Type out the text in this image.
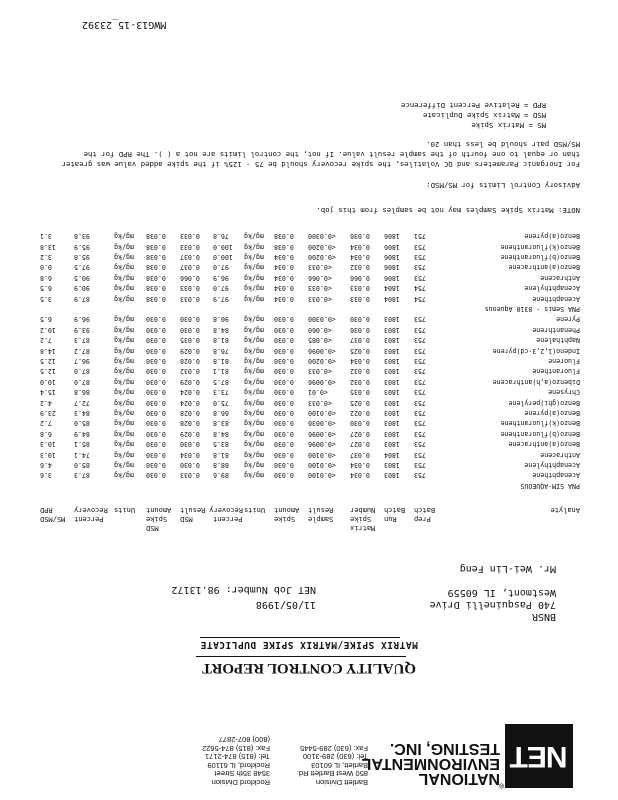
NET
®
NATIONAL
ENVIRONMENTAL
TESTING, INC.
Bartlett Division
850 West Bartlett Rd.
Bartlett, IL 60103
Tel: (630) 289-3100
Fax: (630) 289-5445
Rockford Division
3548 35th Street
Rockford, IL 61109
Tel: (815) 874-2171
Fax: (815) 874-5622
(800) 807-2877
QUALITY CONTROL REPORT
MATRIX SPIKE/MATRIX SPIKE DUPLICATE
BNSR
740 Pasquinelli Drive
Westmont, IL 60559
Mr. Wei-Lin Feng
11/05/1998
NET Job Number: 98.13172
Analyte
Prep
Batch
Run
Batch
Matrix
Spike
Number
Sample
Result
Spike
Amount
Units
Percent
Recovery
MSD
Result
MSD
Spike
Amount
Units
Percent
Recovery
MS/MSD
RPD
PNA SIM-AQUEOUS
Acenaphthene
753
1803
0.034
<0.0100
0.030
mg/kg
89.6
0.033
0.030
mg/kg
87.3
3.6
Acenaphthylene
753
1803
0.034
<0.0100
0.030
mg/kg
88.8
0.030
0.030
mg/kg
85.0
4.6
Anthracene
753
1804
0.037
<0.0100
0.030
mg/kg
81.8
0.034
0.030
mg/kg
74.1
10.3
Benzo(a)anthracene
753
1803
0.027
<0.0096
0.030
mg/kg
83.5
0.030
0.030
mg/kg
85.1
10.3
Benzo(b)fluoranthene
753
1803
0.027
<0.0096
0.030
mg/kg
84.8
0.029
0.030
mg/kg
84.9
6.8
Benzo(k)fluoranthene
753
1803
0.030
<0.0036
0.030
mg/kg
83.8
0.028
0.030
mg/kg
85.0
7.2
Benzo(a)pyrene
753
1803
0.022
<0.0100
0.030
mg/kg
66.8
0.028
0.030
mg/kg
84.3
23.9
Benzo(ghi)perylene
753
1803
0.025
<0.033
0.030
mg/kg
75.0
0.024
0.030
mg/kg
72.7
4.2
Chrysene
753
1803
0.035
<0.01
0.030
mg/kg
73.3
0.024
0.030
mg/kg
86.8
15.4
Dibenzo(a,h)anthracene
753
1803
0.032
<0.0096
0.030
mg/kg
87.5
0.029
0.030
mg/kg
87.0
10.0
Fluoranthene
753
1803
0.032
<0.033
0.030
mg/kg
81.1
0.032
0.030
mg/kg
87.0
12.5
Fluorene
753
1803
0.034
<0.0200
0.030
mg/kg
81.8
0.028
0.030
mg/kg
96.7
12.5
Indeno(1,2,3-cd)pyrene
753
1803
0.025
<0.0096
0.030
mg/kg
76.8
0.029
0.030
mg/kg
87.2
14.8
Naphthalene
753
1803
0.037
<0.085
0.030
mg/kg
81.8
0.035
0.030
mg/kg
87.3
7.2
Phenanthrene
753
1803
0.036
<0.060
0.030
mg/kg
84.8
0.030
0.030
mg/kg
93.9
10.2
Pyrene
753
1803
0.030
<0.0300
0.030
mg/kg
90.8
0.030
0.030
mg/kg
96.9
6.5
PNA Semis - 8310 Aqueous
Acenaphthene
754
1804
0.033
<0.033
0.034
mg/kg
97.9
0.033
0.038
mg/kg
87.9
3.5
Acenaphthylene
754
1804
0.033
<0.033
0.034
mg/kg
97.0
0.033
0.038
mg/kg
90.9
6.5
Anthracene
753
1806
0.066
<0.066
0.034
mg/kg
96.9
0.066
0.038
mg/kg
90.5
6.8
Benzo(a)anthracene
753
1806
0.032
<0.033
0.034
mg/kg
97.0
0.037
0.038
mg/kg
97.5
0.0
Benzo(b)fluoranthene
753
1806
0.034
<0.0200
0.034
mg/kg
100.0
0.037
0.038
mg/kg
95.8
3.2
Benzo(k)fluoranthene
753
1806
0.034
<0.0200
0.038
mg/kg
100.0
0.033
0.038
mg/kg
95.9
13.8
Benzo(a)pyrene
751
1806
0.036
<0.0300
0.038
mg/kg
76.8
0.033
0.038
mg/kg
93.8
3.1
NOTE: Matrix Spike Samples may not be samples from this job.
Advisory Control Limits for MS/MSD:
For Inorganic Parameters and QC Volatiles, the spike recovery should be 75 - 125% if the spike added value was greater
than or equal to one fourth of the sample result value. If not, the control limits are not a ( ). The RPD for the
MS/MSD pair should be less than 20.
MS = Matrix Spike
MSD = Matrix Spike Duplicate
RPD = Relative Percent Difference
MWG13-15_23392
